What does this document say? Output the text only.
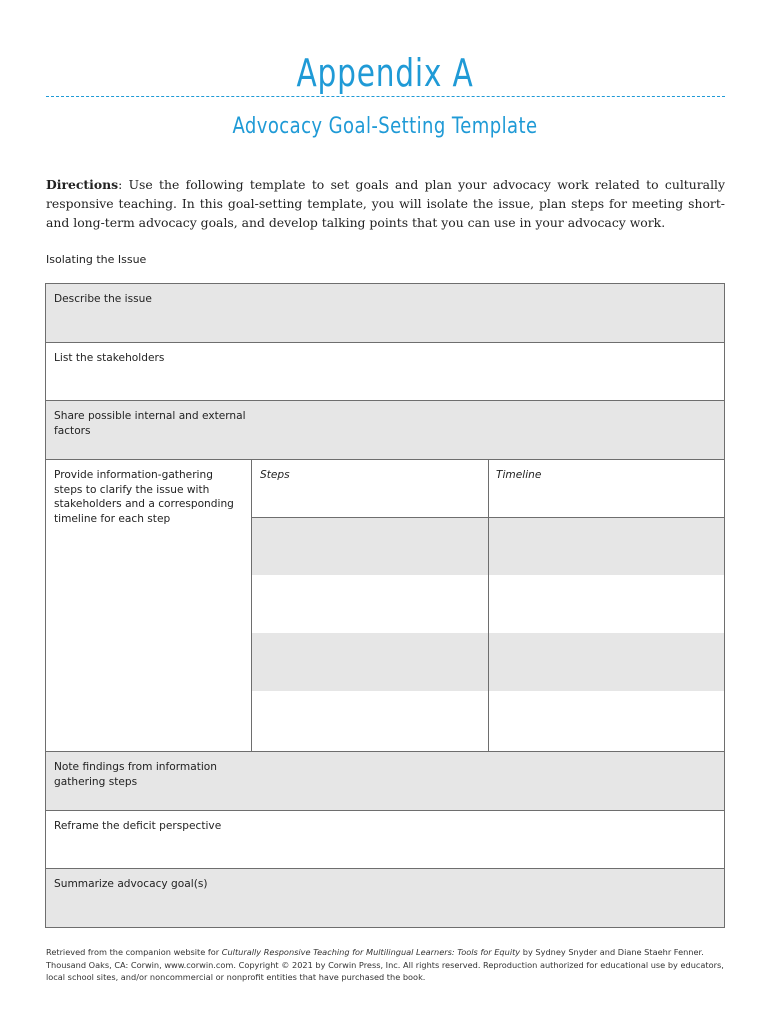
Appendix A
Advocacy Goal-Setting Template
Directions: Use the following template to set goals and plan your advocacy work related to culturally responsive teaching. In this goal-setting template, you will isolate the issue, plan steps for meeting short- and long-term advocacy goals, and develop talking points that you can use in your advocacy work.
Isolating the Issue
Describe the issue
List the stakeholders
Share possible internal and external factors
Provide information-gathering steps to clarify the issue with stakeholders and a corresponding timeline for each step
Steps	Timeline
Note findings from information gathering steps
Reframe the deficit perspective
Summarize advocacy goal(s)
Retrieved from the companion website for Culturally Responsive Teaching for Multilingual Learners: Tools for Equity by Sydney Snyder and Diane Staehr Fenner. Thousand Oaks, CA: Corwin, www.corwin.com. Copyright © 2021 by Corwin Press, Inc. All rights reserved. Reproduction authorized for educational use by educators, local school sites, and/or noncommercial or nonprofit entities that have purchased the book.
